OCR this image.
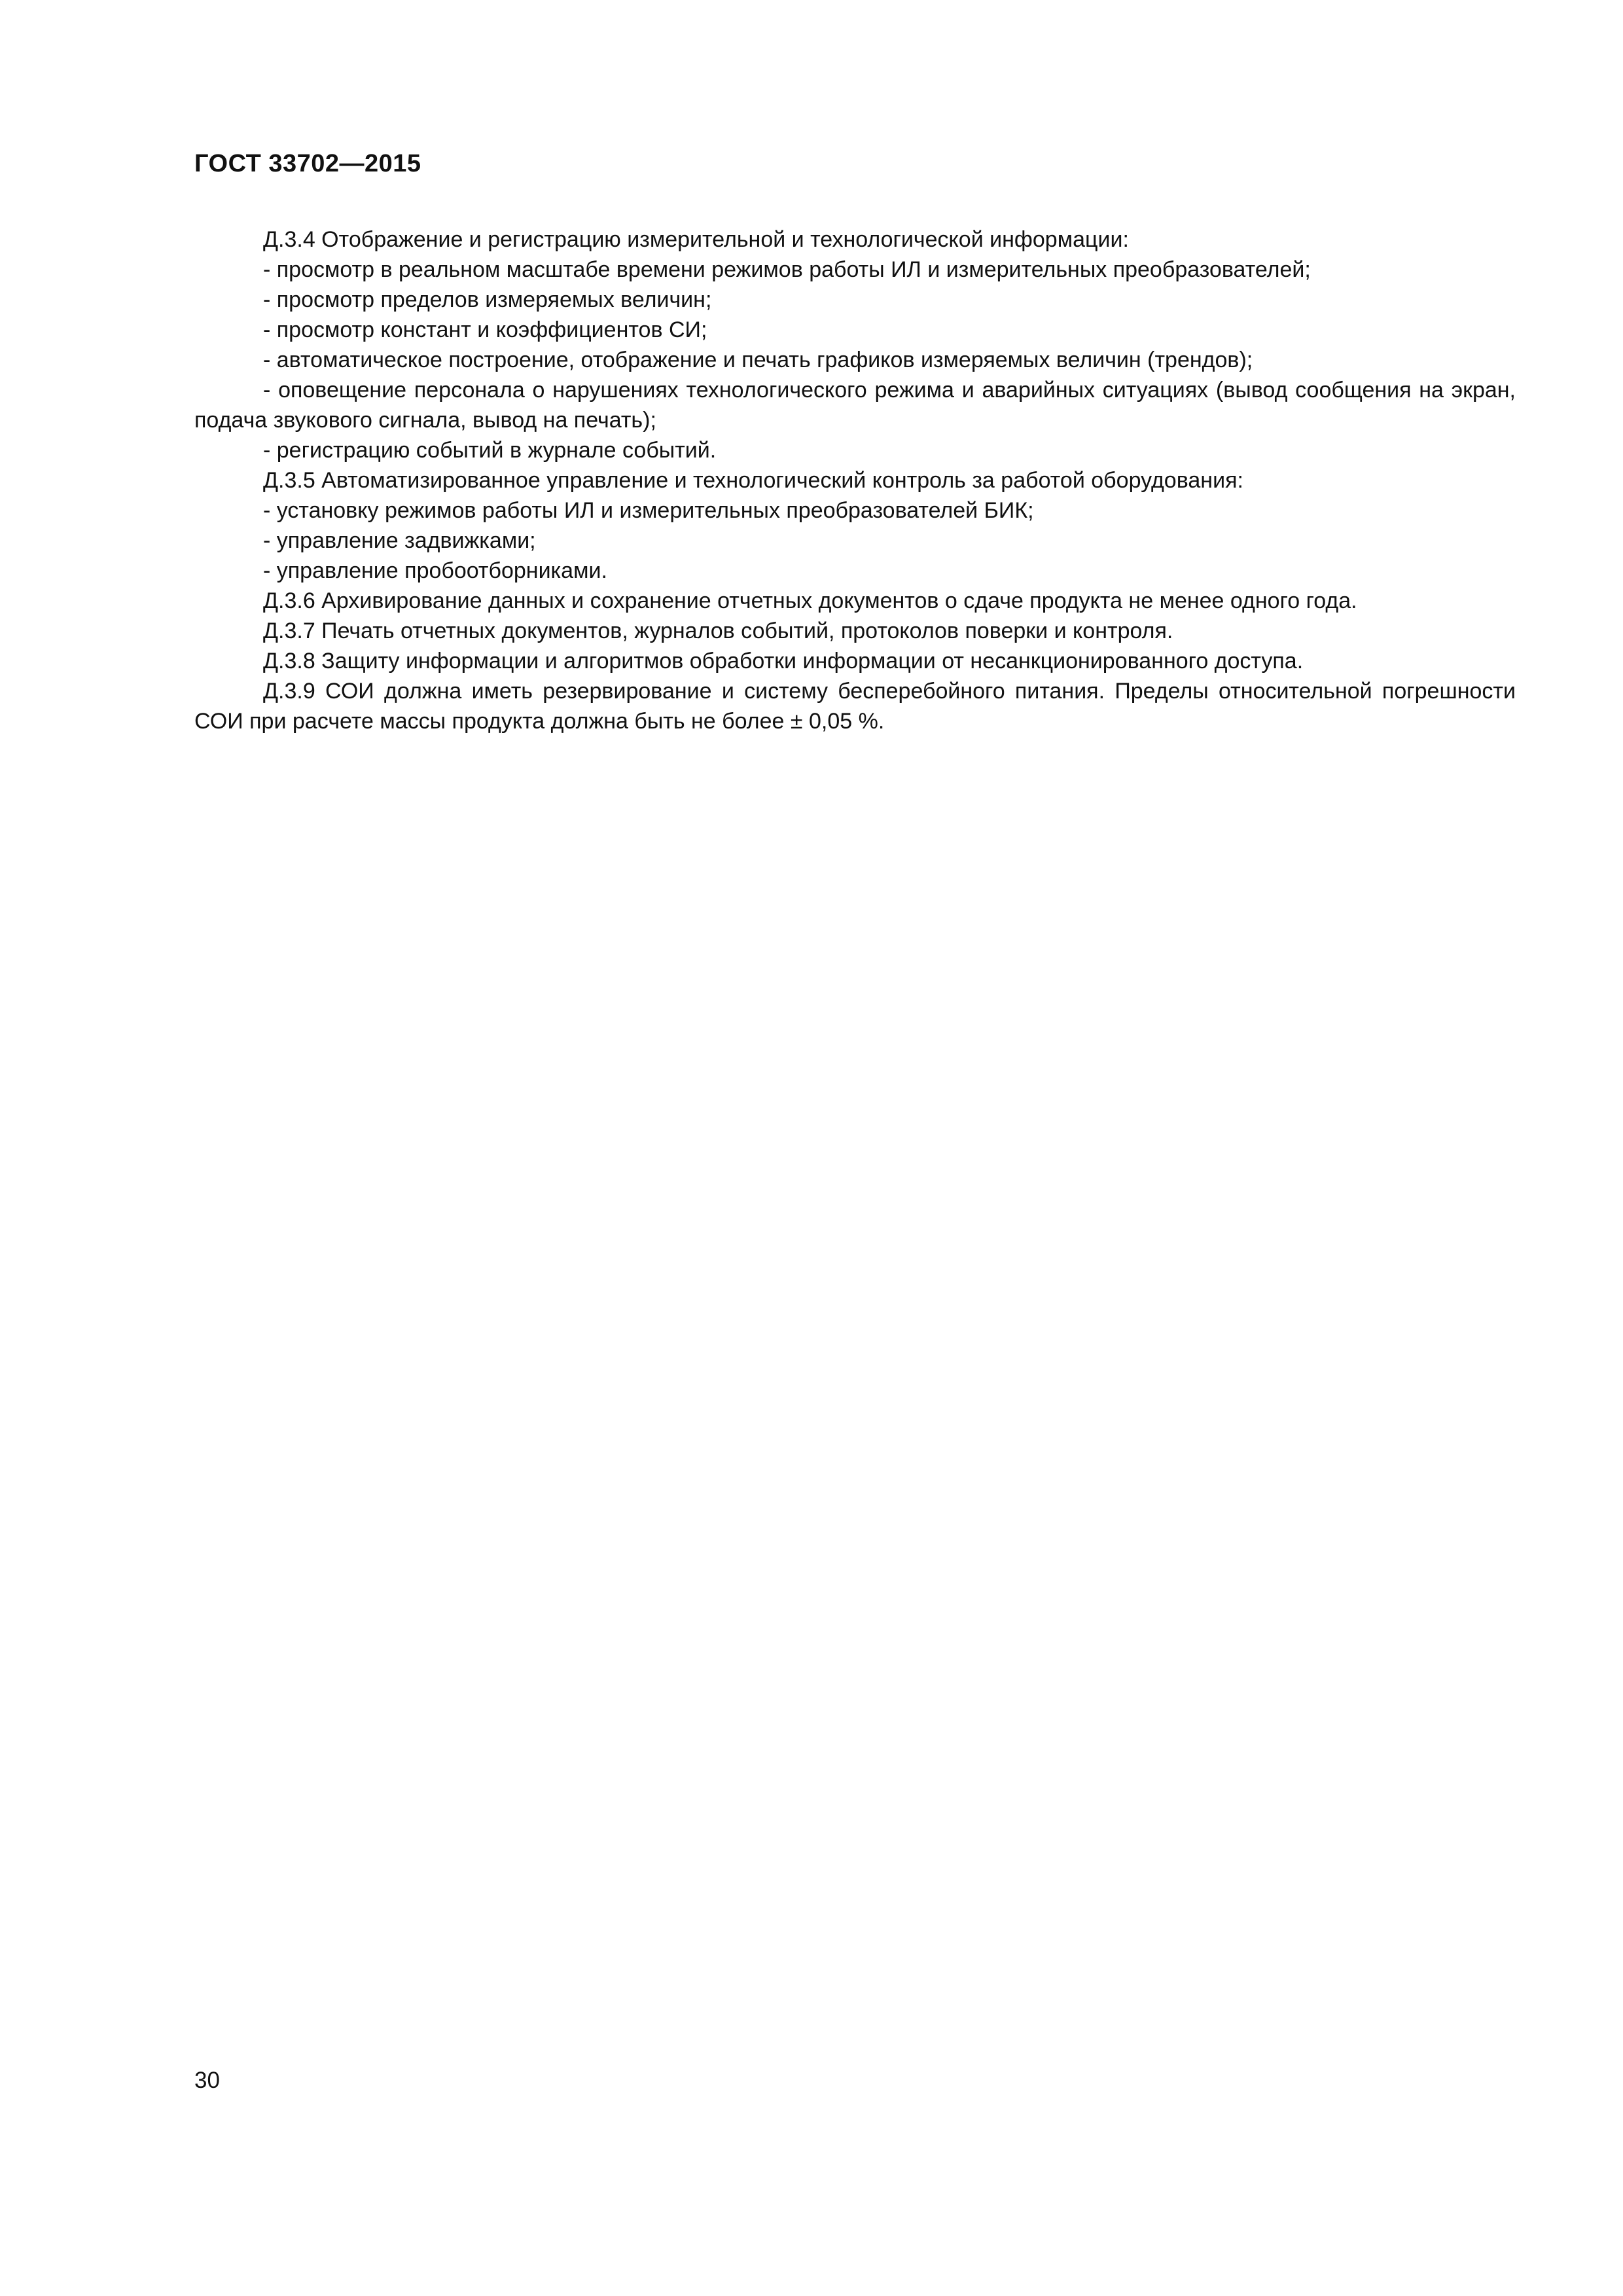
ГОСТ 33702—2015

Д.3.4 Отображение и регистрацию измерительной и технологической информации:

- просмотр в реальном масштабе времени режимов работы ИЛ и измерительных преобразователей;

- просмотр пределов измеряемых величин;

- просмотр констант и коэффициентов СИ;

- автоматическое построение, отображение и печать графиков измеряемых величин (трендов);

- оповещение персонала о нарушениях технологического режима и аварийных ситуациях (вывод сообщения на экран, подача звукового сигнала, вывод на печать);

- регистрацию событий в журнале событий.

Д.3.5 Автоматизированное управление и технологический контроль за работой оборудования:

- установку режимов работы ИЛ и измерительных преобразователей БИК;

- управление задвижками;

- управление пробоотборниками.

Д.3.6 Архивирование данных и сохранение отчетных документов о сдаче продукта не менее одного года.

Д.3.7 Печать отчетных документов, журналов событий, протоколов поверки и контроля.

Д.3.8 Защиту информации и алгоритмов обработки информации от несанкционированного доступа.

Д.3.9 СОИ должна иметь резервирование и систему бесперебойного питания. Пределы относительной погрешности СОИ при расчете массы продукта должна быть не более ± 0,05 %.

30
